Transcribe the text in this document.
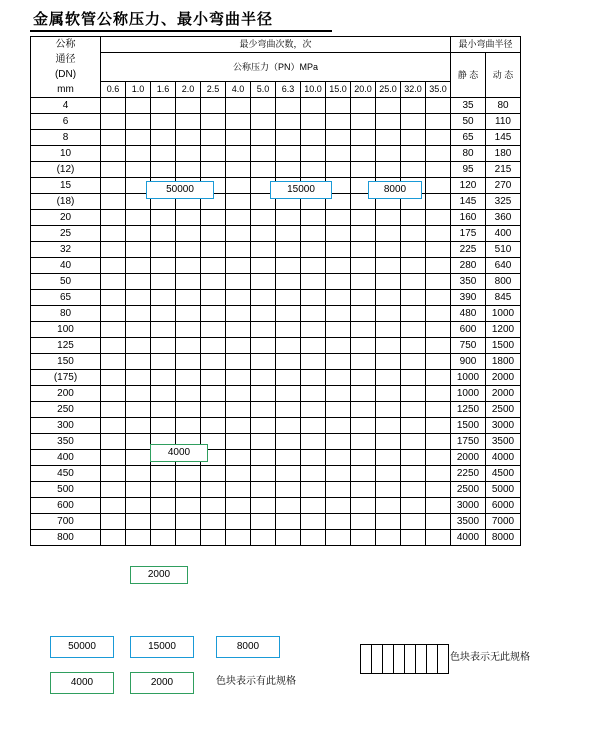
金属软管公称压力、最小弯曲半径
公称
通径
(DN)
mm	最少弯曲次数，次														最小弯曲半径	
	公称压力（PN）MPa														静 态	动 态
	0.6	1.0	1.6	2.0	2.5	4.0	5.0	6.3	10.0	15.0	20.0	25.0	32.0	35.0		
4															35	80
6															50	110
8															65	145
10															80	180
(12)															95	215
15															120	270
(18)															145	325
20															160	360
25															175	400
32															225	510
40															280	640
50															350	800
65															390	845
80															480	1000
100															600	1200
125															750	1500
150															900	1800
(175)															1000	2000
200															1000	2000
250															1250	2500
300															1500	3000
350															1750	3500
400															2000	4000
450															2250	4500
500															2500	5000
600															3000	6000
700															3500	7000
800															4000	8000
50000	15000	8000
4000
2000
50000	15000	8000
4000	2000	色块表示有此规格

色块表示无此规格
